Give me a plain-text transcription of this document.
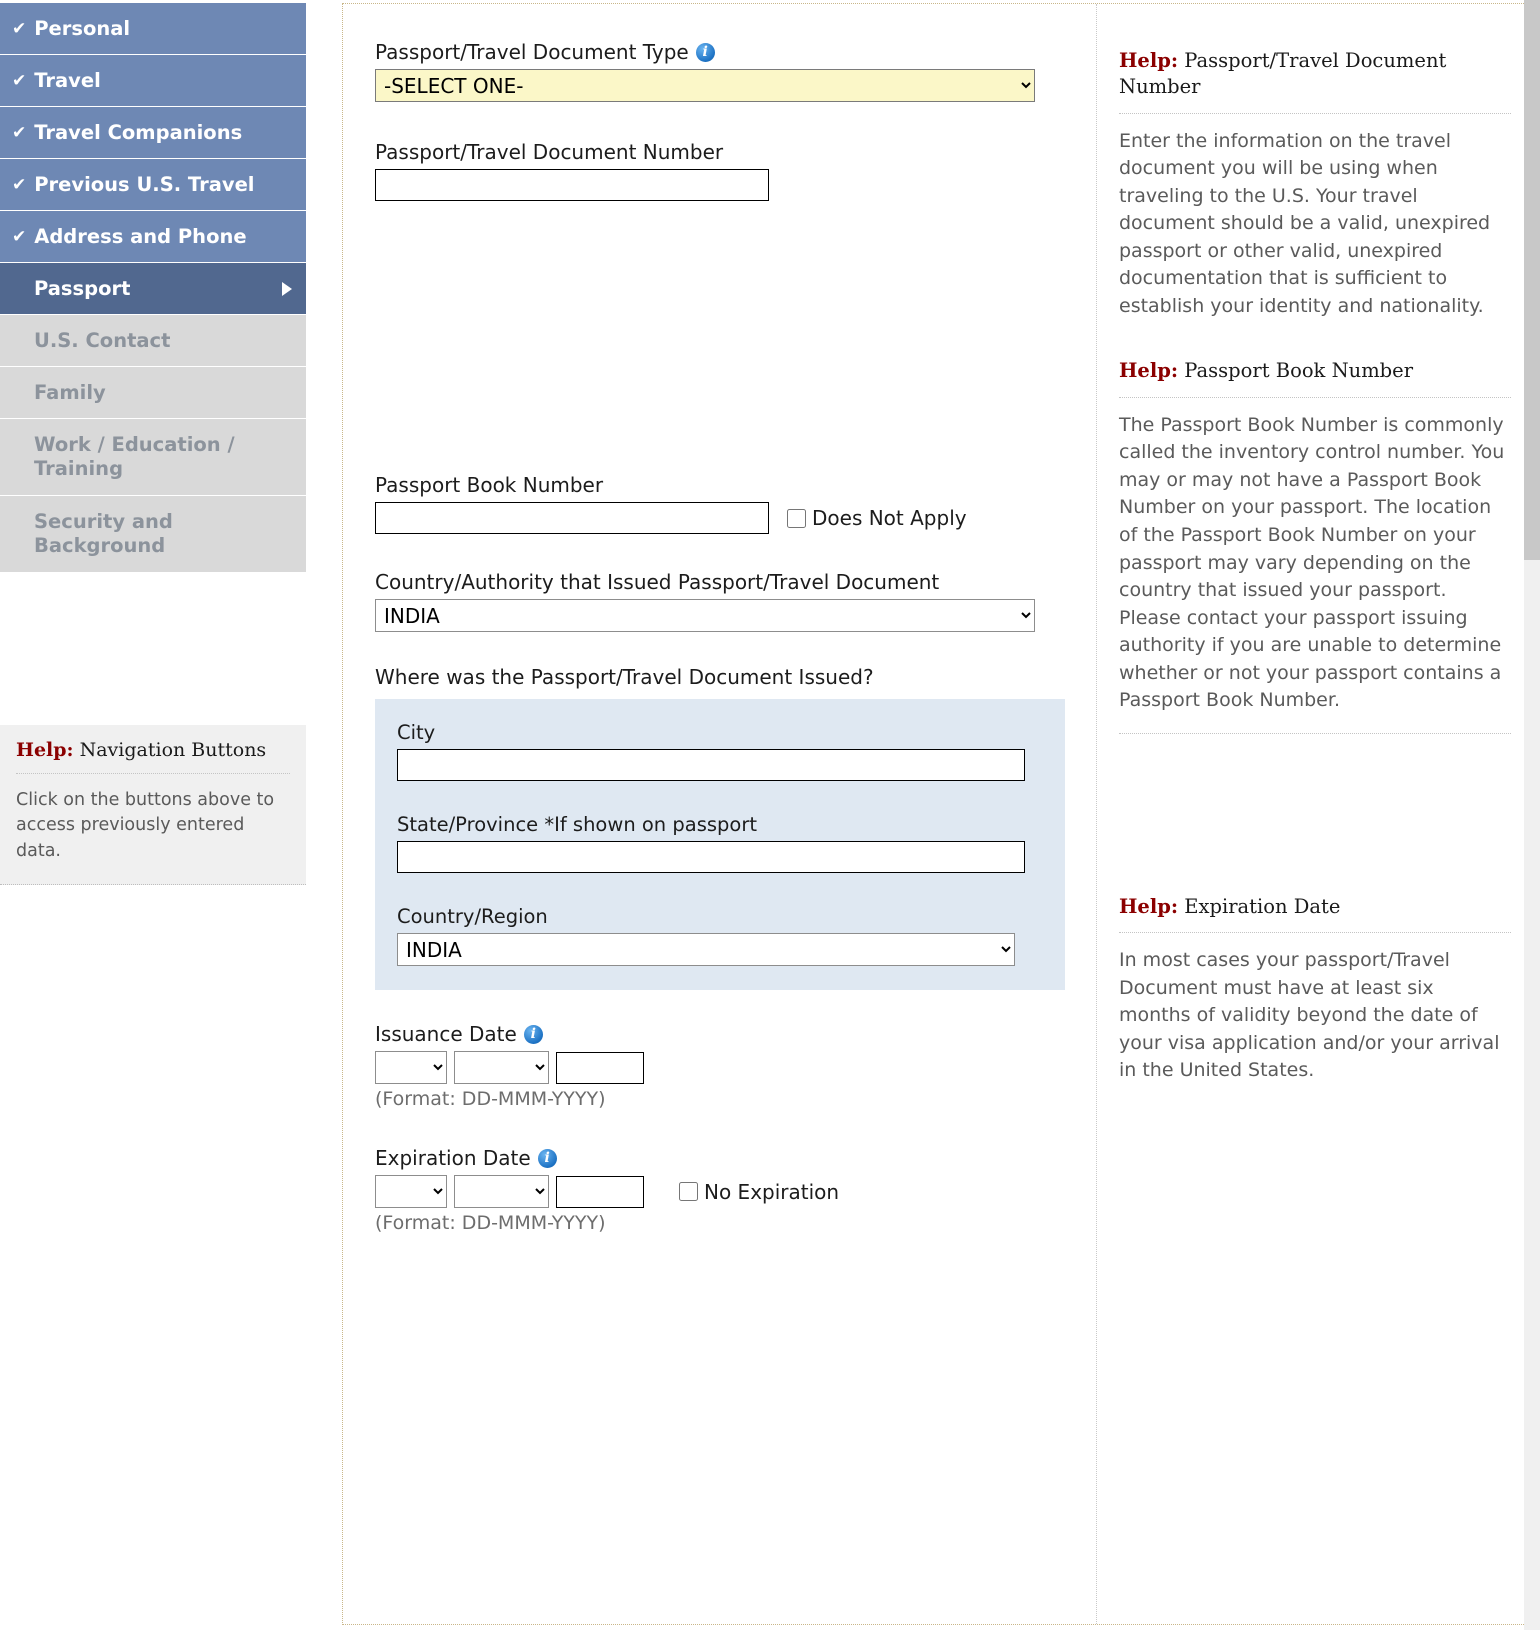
✔ Personal
✔ Travel
✔ Travel Companions
✔ Previous U.S. Travel
✔ Address and Phone
Passport
U.S. Contact
Family
Work / Education / Training
Security and Background
Help: Navigation Buttons
Click on the buttons above to access previously entered data.
Passport/Travel Document Type i
-SELECT ONE-
Passport/Travel Document Number
Passport Book Number
Does Not Apply
Country/Authority that Issued Passport/Travel Document
INDIA
Where was the Passport/Travel Document Issued?
City
State/Province *If shown on passport
Country/Region
INDIA
Issuance Date i
(Format: DD-MMM-YYYY)
Expiration Date i
No Expiration
(Format: DD-MMM-YYYY)
Help: Passport/Travel Document Number
Enter the information on the travel document you will be using when traveling to the U.S. Your travel document should be a valid, unexpired passport or other valid, unexpired documentation that is sufficient to establish your identity and nationality.
Help: Passport Book Number
The Passport Book Number is commonly called the inventory control number. You may or may not have a Passport Book Number on your passport. The location of the Passport Book Number on your passport may vary depending on the country that issued your passport. Please contact your passport issuing authority if you are unable to determine whether or not your passport contains a Passport Book Number.
Help: Expiration Date
In most cases your passport/Travel Document must have at least six months of validity beyond the date of your visa application and/or your arrival in the United States.
